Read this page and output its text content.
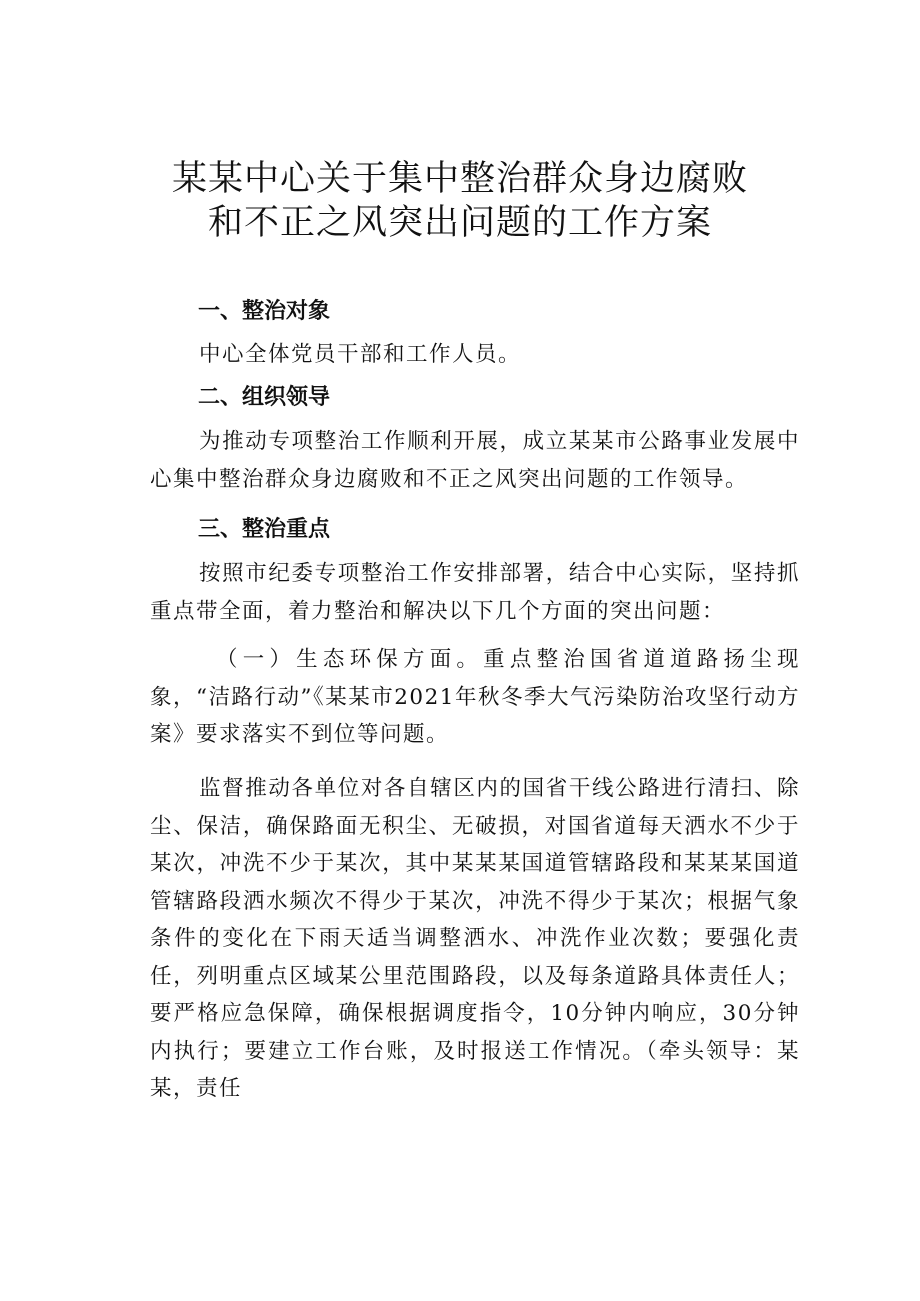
某某中心关于集中整治群众身边腐败
和不正之风突出问题的工作方案
一、整治对象

中心全体党员干部和工作人员。

二、组织领导

为推动专项整治工作顺利开展，成立某某市公路事业发展中心集中整治群众身边腐败和不正之风突出问题的工作领导。

三、整治重点

按照市纪委专项整治工作安排部署，结合中心实际，坚持抓重点带全面，着力整治和解决以下几个方面的突出问题：

（一）生态环保方面。重点整治国省道道路扬尘现象，“洁路行动”《某某市2021年秋冬季大气污染防治攻坚行动方案》要求落实不到位等问题。

监督推动各单位对各自辖区内的国省干线公路进行清扫、除尘、保洁，确保路面无积尘、无破损，对国省道每天洒水不少于某次，冲洗不少于某次，其中某某某国道管辖路段和某某某国道管辖路段洒水频次不得少于某次，冲洗不得少于某次；根据气象条件的变化在下雨天适当调整洒水、冲洗作业次数；要强化责任，列明重点区域某公里范围路段，以及每条道路具体责任人；要严格应急保障，确保根据调度指令，10分钟内响应，30分钟内执行；要建立工作台账，及时报送工作情况。（牵头领导：某某，责任
